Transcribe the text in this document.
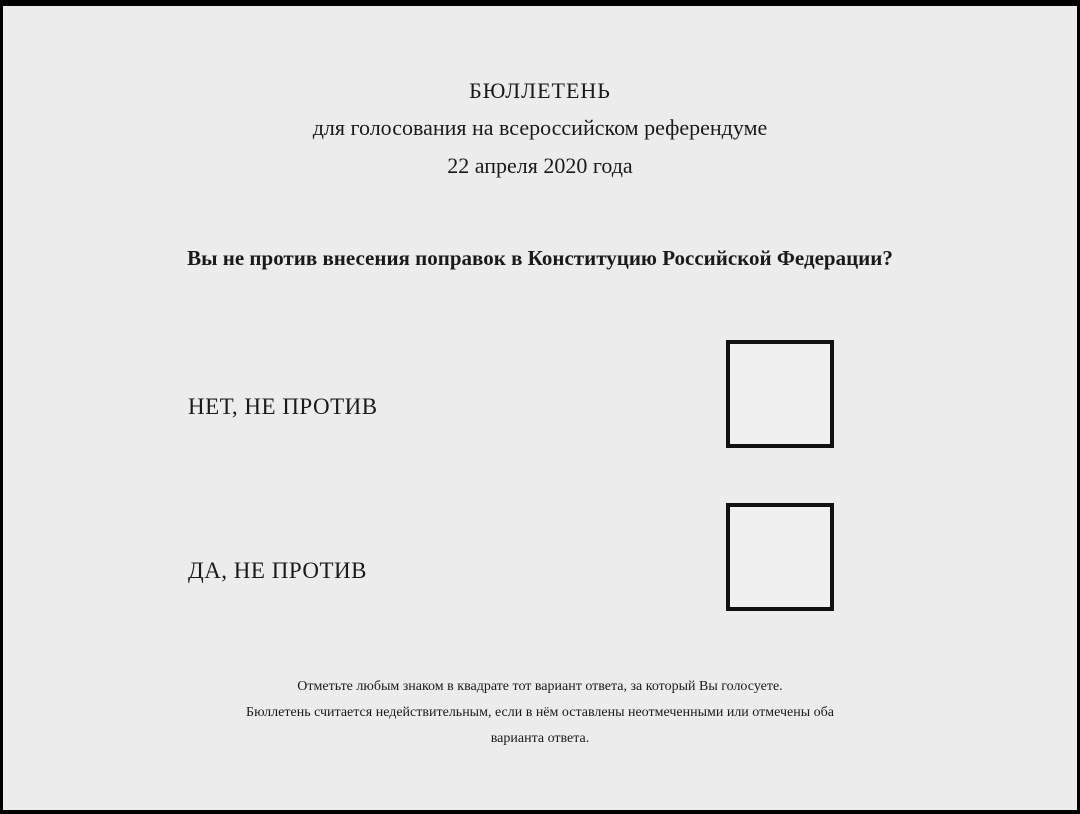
БЮЛЛЕТЕНЬ
для голосования на всероссийском референдуме
22 апреля 2020 года
Вы не против внесения поправок в Конституцию Российской Федерации?
НЕТ, НЕ ПРОТИВ
ДА, НЕ ПРОТИВ
Отметьте любым знаком в квадрате тот вариант ответа, за который Вы голосуете.
Бюллетень считается недействительным, если в нём оставлены неотмеченными или отмечены оба
варианта ответа.
